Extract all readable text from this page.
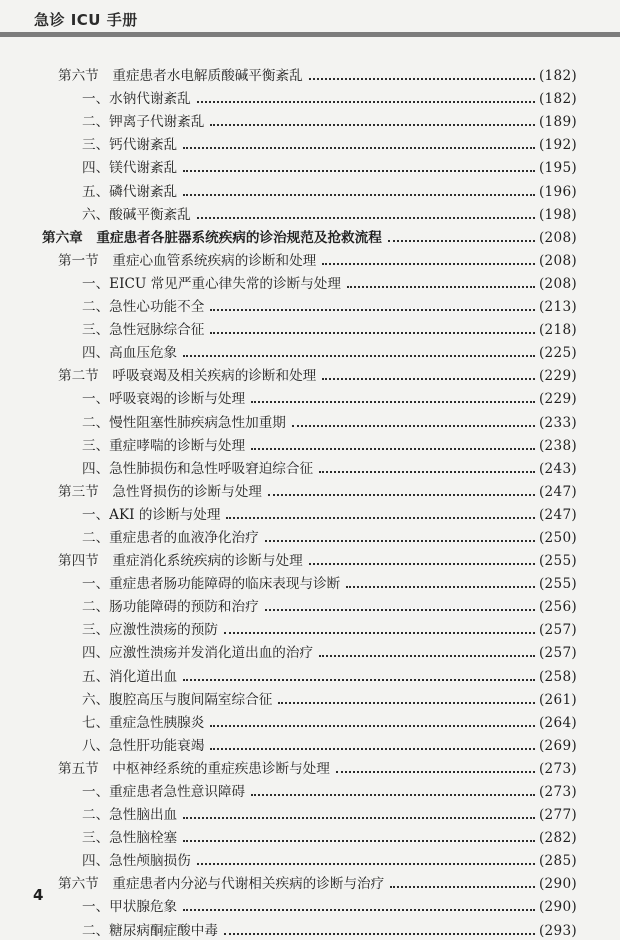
急诊 ICU 手册
第六节　重症患者水电解质酸碱平衡紊乱	(182)
一、水钠代谢紊乱	(182)
二、钾离子代谢紊乱	(189)
三、钙代谢紊乱	(192)
四、镁代谢紊乱	(195)
五、磷代谢紊乱	(196)
六、酸碱平衡紊乱	(198)
第六章　重症患者各脏器系统疾病的诊治规范及抢救流程	(208)
第一节　重症心血管系统疾病的诊断和处理	(208)
一、EICU 常见严重心律失常的诊断与处理	(208)
二、急性心功能不全	(213)
三、急性冠脉综合征	(218)
四、高血压危象	(225)
第二节　呼吸衰竭及相关疾病的诊断和处理	(229)
一、呼吸衰竭的诊断与处理	(229)
二、慢性阻塞性肺疾病急性加重期	(233)
三、重症哮喘的诊断与处理	(238)
四、急性肺损伤和急性呼吸窘迫综合征	(243)
第三节　急性肾损伤的诊断与处理	(247)
一、AKI 的诊断与处理	(247)
二、重症患者的血液净化治疗	(250)
第四节　重症消化系统疾病的诊断与处理	(255)
一、重症患者肠功能障碍的临床表现与诊断	(255)
二、肠功能障碍的预防和治疗	(256)
三、应激性溃疡的预防	(257)
四、应激性溃疡并发消化道出血的治疗	(257)
五、消化道出血	(258)
六、腹腔高压与腹间隔室综合征	(261)
七、重症急性胰腺炎	(264)
八、急性肝功能衰竭	(269)
第五节　中枢神经系统的重症疾患诊断与处理	(273)
一、重症患者急性意识障碍	(273)
二、急性脑出血	(277)
三、急性脑栓塞	(282)
四、急性颅脑损伤	(285)
第六节　重症患者内分泌与代谢相关疾病的诊断与治疗	(290)
一、甲状腺危象	(290)
二、糖尿病酮症酸中毒	(293)
4
